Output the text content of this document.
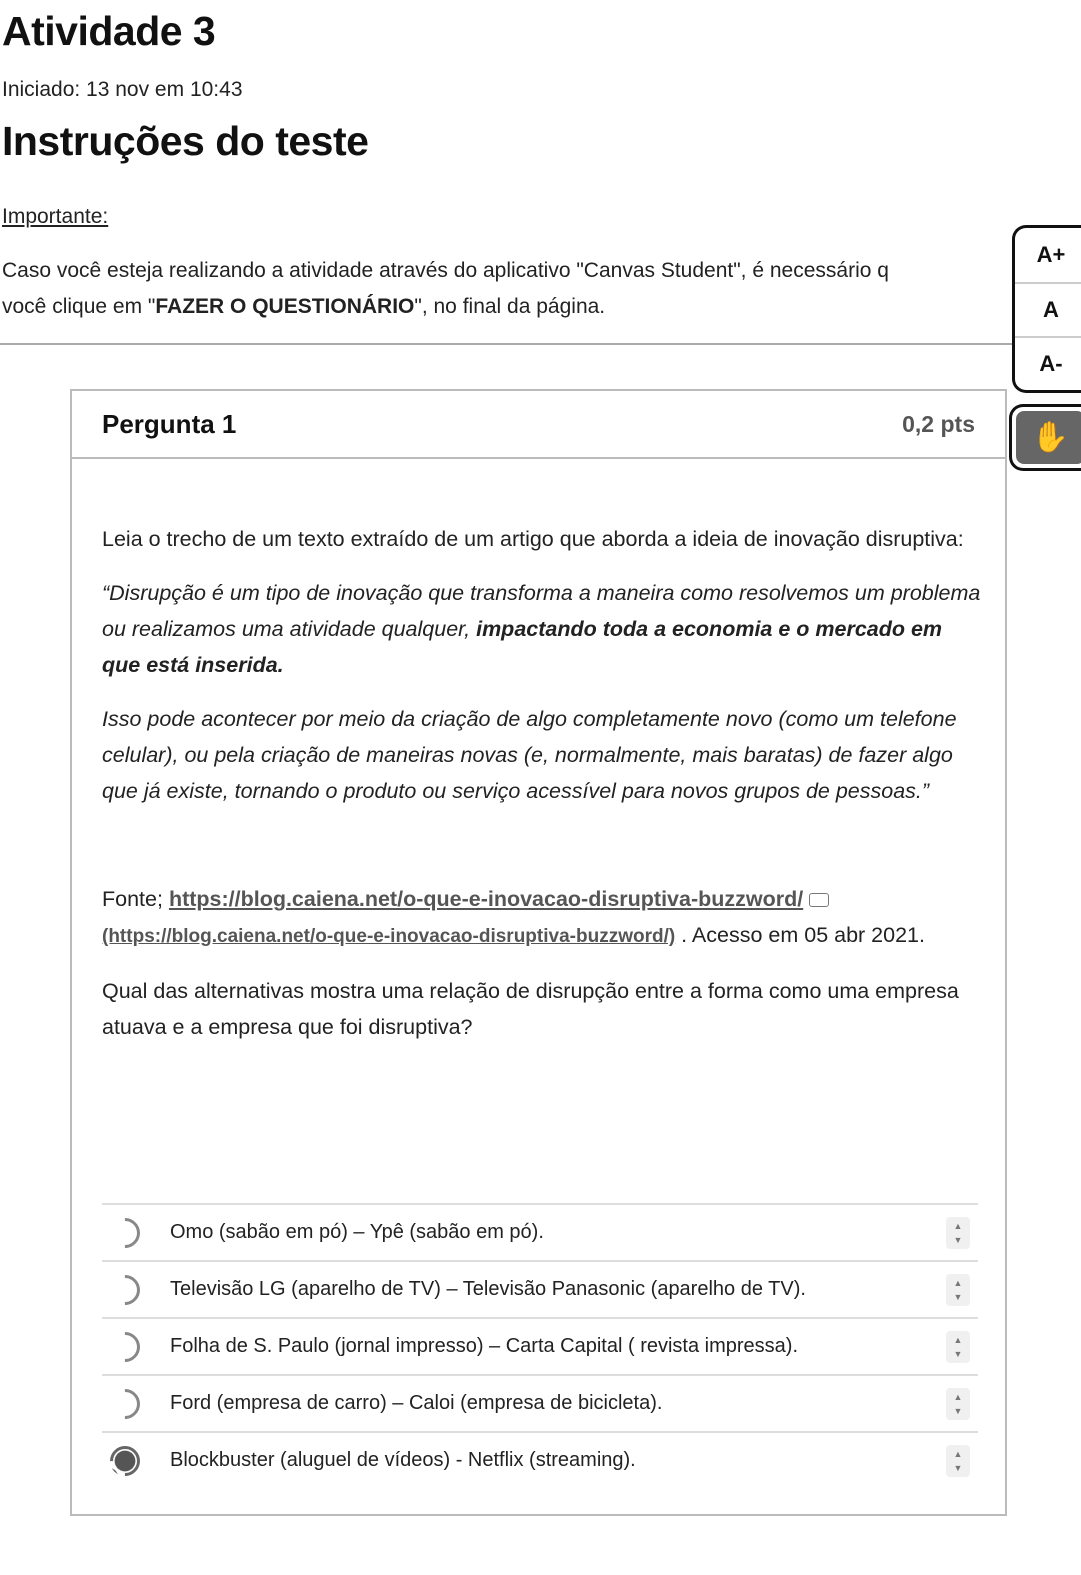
Atividade 3
Iniciado: 13 nov em 10:43
Instruções do teste
Importante:
Caso você esteja realizando a atividade através do aplicativo "Canvas Student", é necessário q
você clique em "FAZER O QUESTIONÁRIO", no final da página.
A+
A
A-
✋
Pergunta 1	0,2 pts

Leia o trecho de um texto extraído de um artigo que aborda a ideia de inovação disruptiva:

“Disrupção é um tipo de inovação que transforma a maneira como resolvemos um problema ou realizamos uma atividade qualquer, impactando toda a economia e o mercado em que está inserida.

Isso pode acontecer por meio da criação de algo completamente novo (como um telefone celular), ou pela criação de maneiras novas (e, normalmente, mais baratas) de fazer algo que já existe, tornando o produto ou serviço acessível para novos grupos de pessoas.”

Fonte; https://blog.caiena.net/o-que-e-inovacao-disruptiva-buzzword/
(https://blog.caiena.net/o-que-e-inovacao-disruptiva-buzzword/) . Acesso em 05 abr 2021.

Qual das alternativas mostra uma relação de disrupção entre a forma como uma empresa atuava e a empresa que foi disruptiva?

Omo (sabão em pó) – Ypê (sabão em pó).	▲
▼
Televisão LG (aparelho de TV) – Televisão Panasonic (aparelho de TV).	▲
▼
Folha de S. Paulo (jornal impresso) – Carta Capital ( revista impressa).	▲
▼
Ford (empresa de carro) – Caloi (empresa de bicicleta).	▲
▼
Blockbuster (aluguel de vídeos) - Netflix (streaming).	▲
▼
